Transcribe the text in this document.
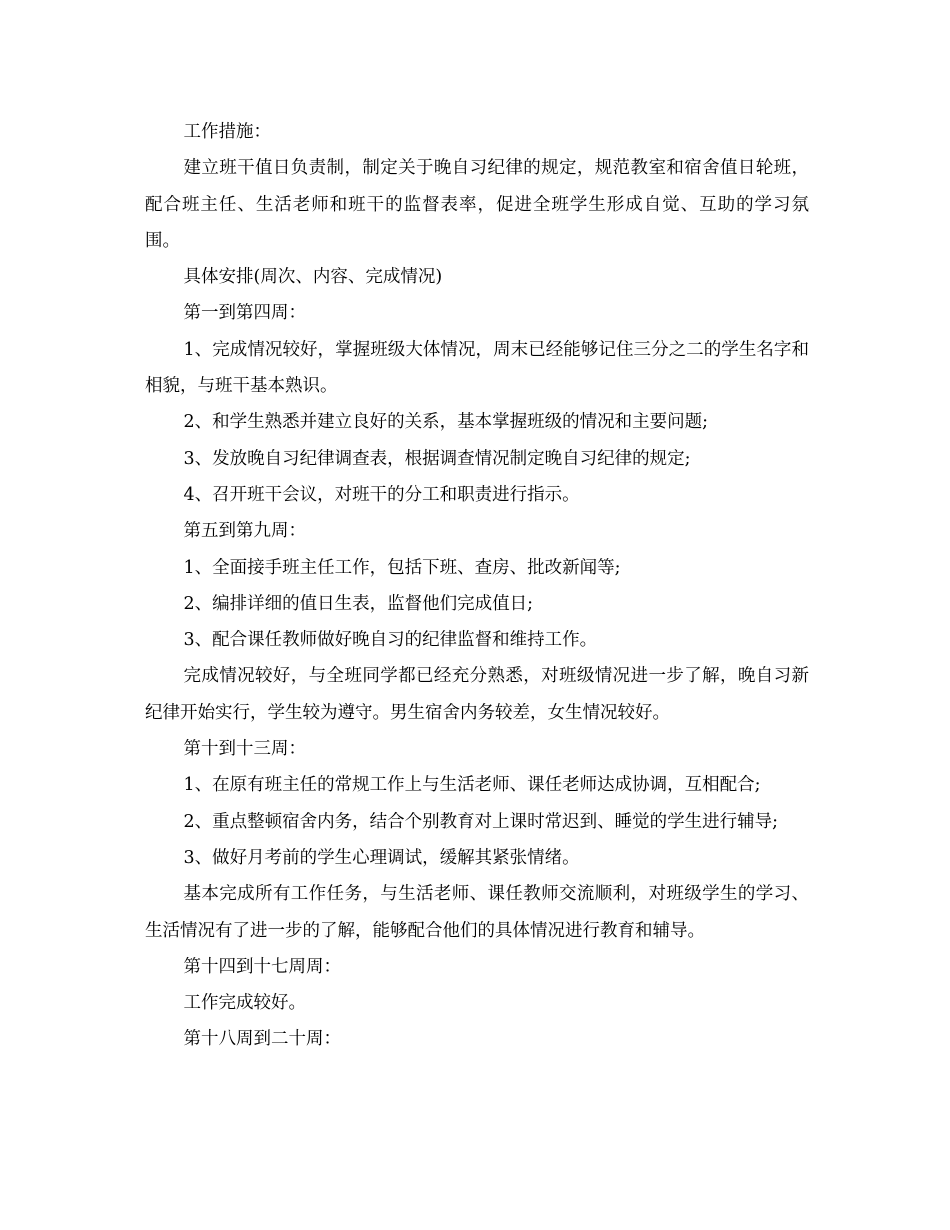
工作措施：

建立班干值日负责制，制定关于晚自习纪律的规定，规范教室和宿舍值日轮班，配合班主任、生活老师和班干的监督表率，促进全班学生形成自觉、互助的学习氛围。

具体安排(周次、内容、完成情况)

第一到第四周：

1、完成情况较好，掌握班级大体情况，周末已经能够记住三分之二的学生名字和相貌，与班干基本熟识。

2、和学生熟悉并建立良好的关系，基本掌握班级的情况和主要问题;

3、发放晚自习纪律调查表，根据调查情况制定晚自习纪律的规定;

4、召开班干会议，对班干的分工和职责进行指示。

第五到第九周：

1、全面接手班主任工作，包括下班、查房、批改新闻等;

2、编排详细的值日生表，监督他们完成值日;

3、配合课任教师做好晚自习的纪律监督和维持工作。

完成情况较好，与全班同学都已经充分熟悉，对班级情况进一步了解，晚自习新纪律开始实行，学生较为遵守。男生宿舍内务较差，女生情况较好。

第十到十三周：

1、在原有班主任的常规工作上与生活老师、课任老师达成协调，互相配合;

2、重点整顿宿舍内务，结合个别教育对上课时常迟到、睡觉的学生进行辅导;

3、做好月考前的学生心理调试，缓解其紧张情绪。

基本完成所有工作任务，与生活老师、课任教师交流顺利，对班级学生的学习、生活情况有了进一步的了解，能够配合他们的具体情况进行教育和辅导。

第十四到十七周周：

工作完成较好。

第十八周到二十周：
